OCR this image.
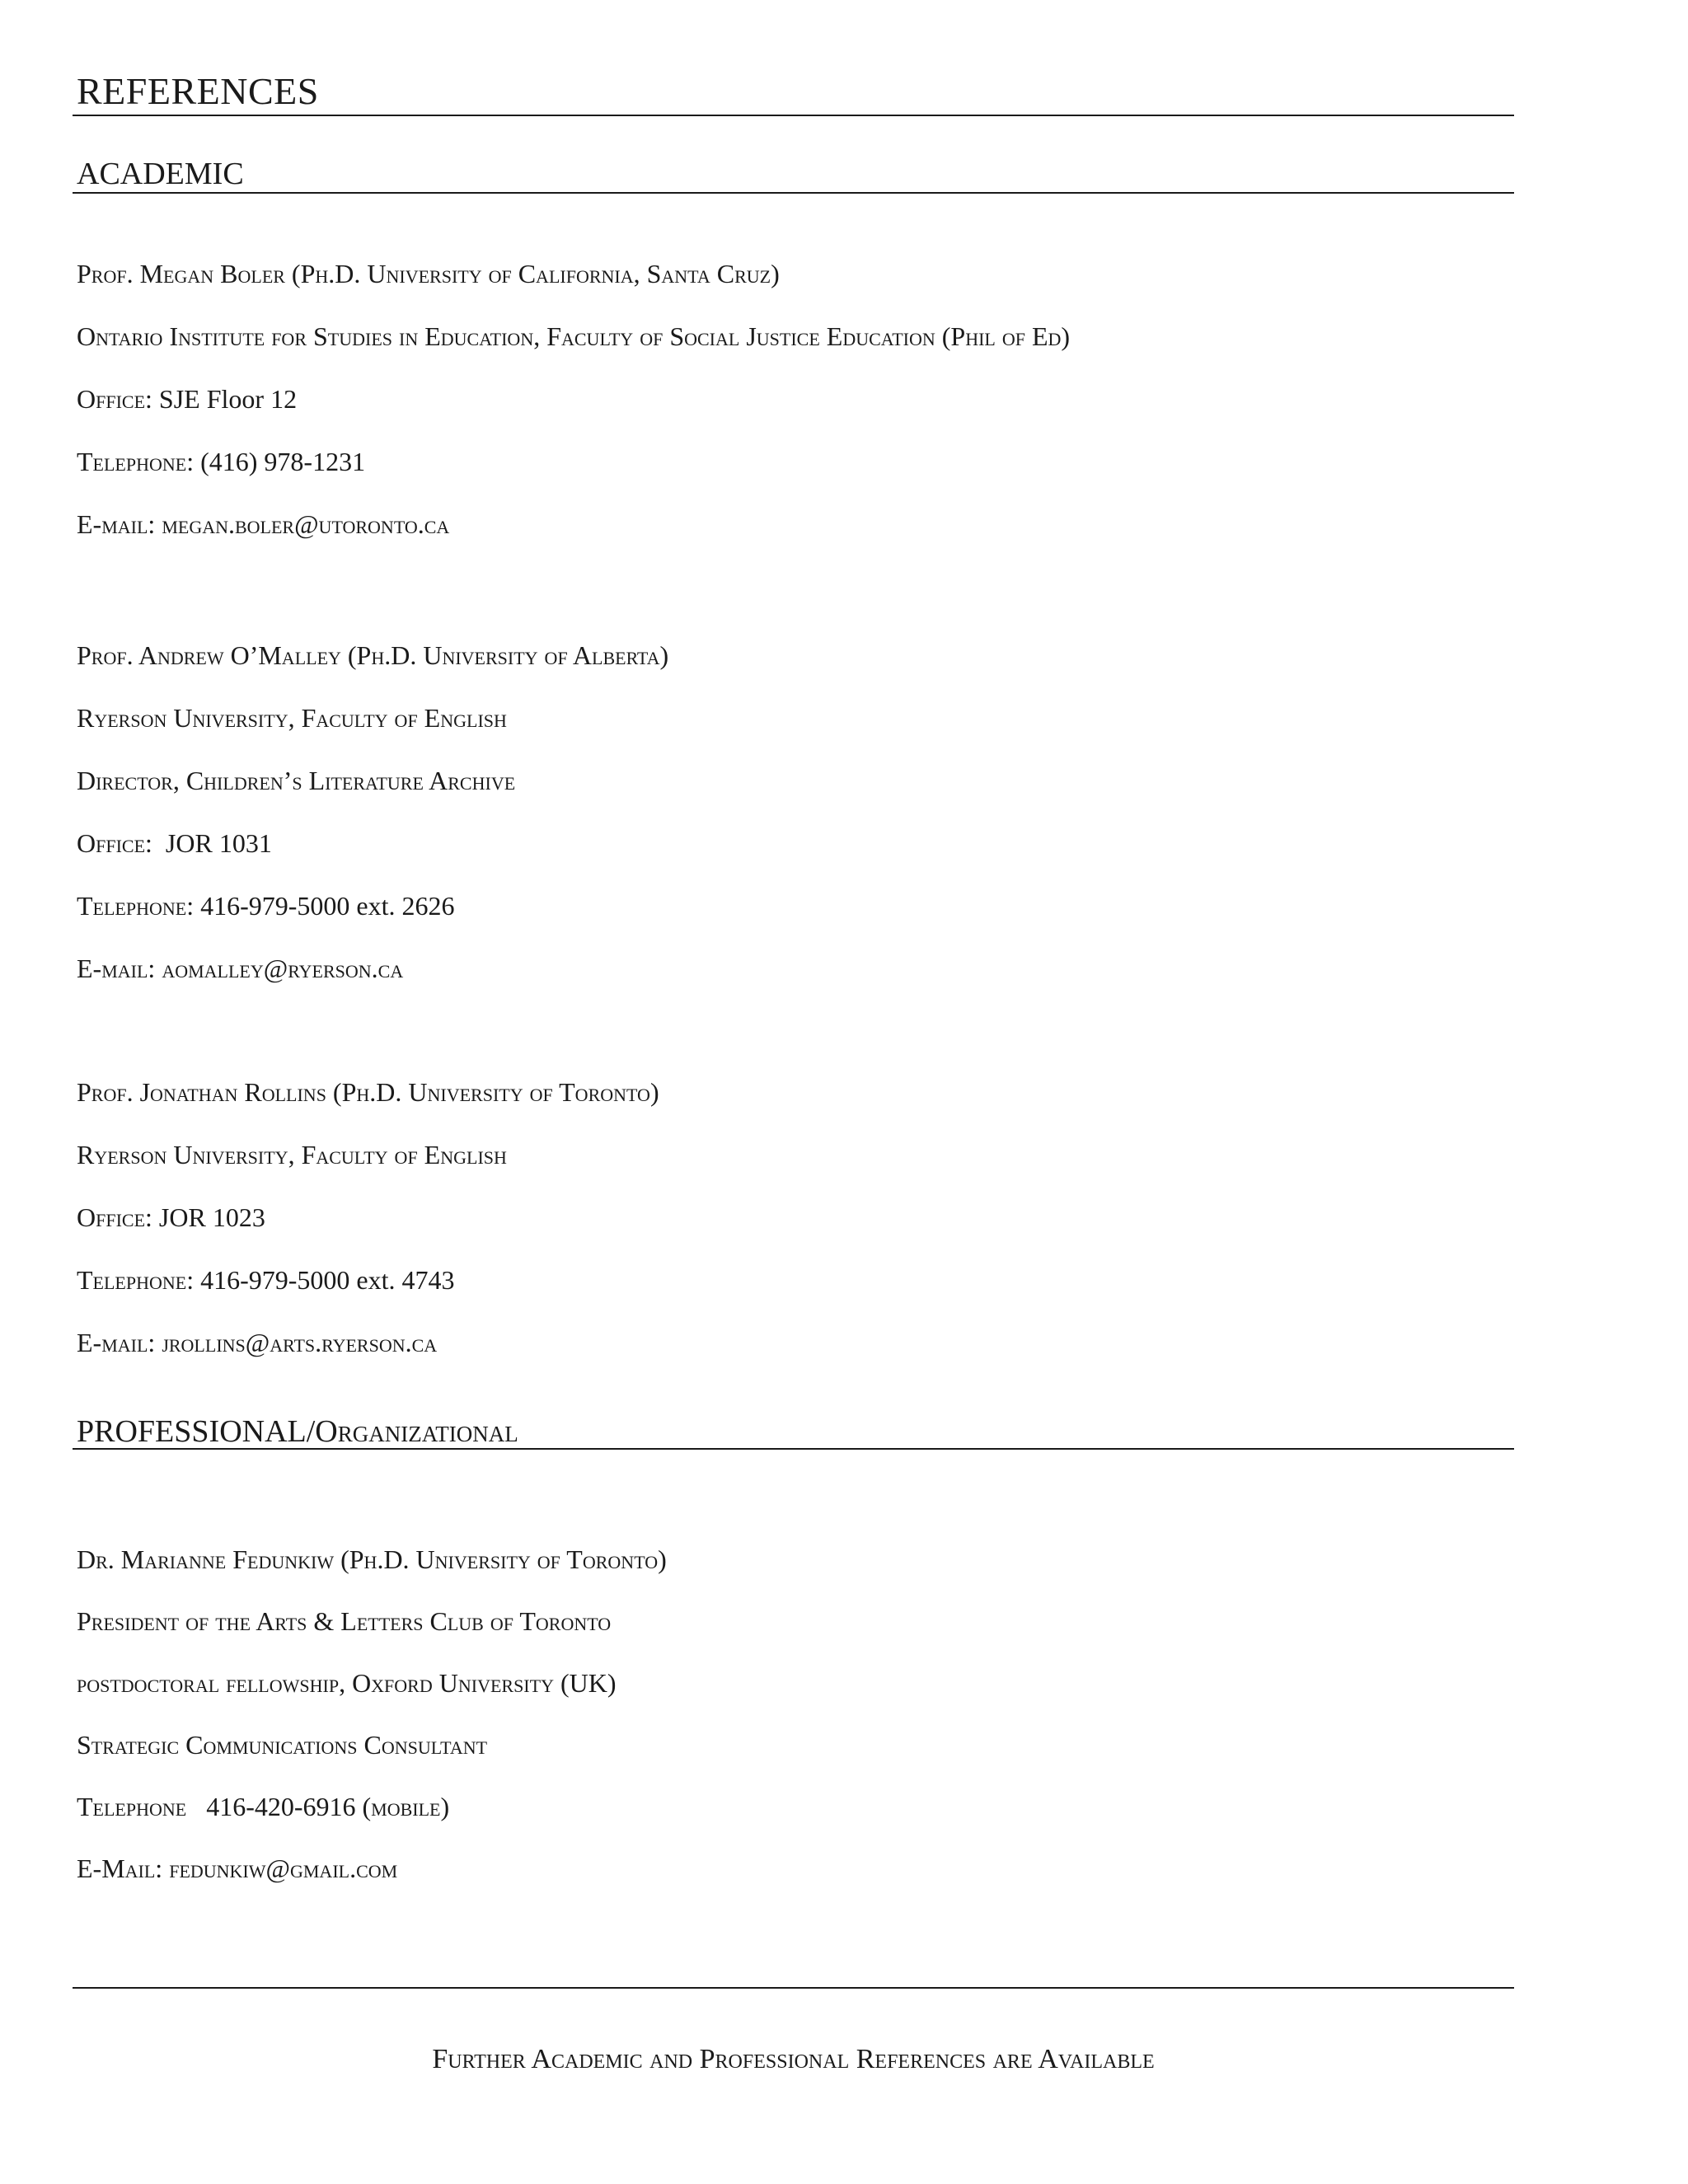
REFERENCES
ACADEMIC

Prof. Megan Boler (Ph.D. University of California, Santa Cruz)

Ontario Institute for Studies in Education, Faculty of Social Justice Education (Phil of Ed)

Office: SJE Floor 12

Telephone: (416) 978-1231

E-mail: megan.boler@utoronto.ca

Prof. Andrew O’Malley (Ph.D. University of Alberta)

Ryerson University, Faculty of English

Director, Children’s Literature Archive

Office: JOR 1031

Telephone: 416-979-5000 ext. 2626

E-mail: aomalley@ryerson.ca

Prof. Jonathan Rollins (Ph.D. University of Toronto)

Ryerson University, Faculty of English

Office: JOR 1023

Telephone: 416-979-5000 ext. 4743

E-mail: jrollins@arts.ryerson.ca

PROFESSIONAL/Organizational

Dr. Marianne Fedunkiw (Ph.D. University of Toronto)

President of the Arts & Letters Club of Toronto

postdoctoral fellowship, Oxford University (UK)

Strategic Communications Consultant

Telephone 416-420-6916 (mobile)

E-Mail: fedunkiw@gmail.com

Further Academic and Professional References are Available
